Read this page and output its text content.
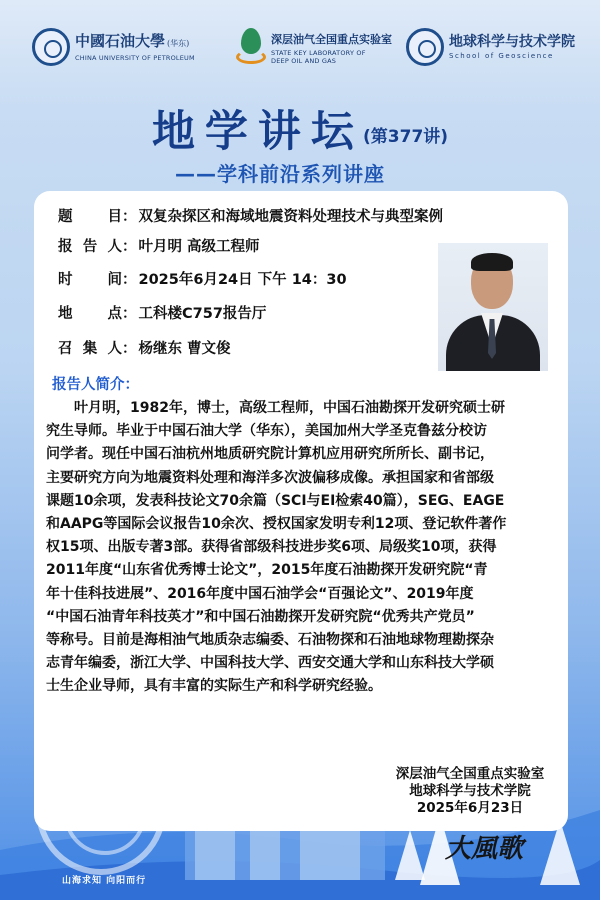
中國石油大學 (华东)
CHINA UNIVERSITY OF PETROLEUM
深层油气全国重点实验室
STATE KEY LABORATORY OF
DEEP OIL AND GAS
地球科学与技术学院
School of Geoscience
地学讲坛 (第377讲)
——学科前沿系列讲座
山海求知 向阳而行
题　　目： 双复杂探区和海域地震资料处理技术与典型案例
报告人： 叶月明 高级工程师
时　　间： 2025年6月24日 下午 14：30
地　　点： 工科楼C757报告厅
召集人： 杨继东 曹文俊
报告人简介：

　　叶月明，1982年，博士，高级工程师，中国石油勘探开发研究硕士研

究生导师。毕业于中国石油大学（华东），美国加州大学圣克鲁兹分校访

问学者。现任中国石油杭州地质研究院计算机应用研究所所长、副书记，

主要研究方向为地震资料处理和海洋多次波偏移成像。承担国家和省部级

课题10余项，发表科技论文70余篇（SCI与EI检索40篇），SEG、EAGE

和AAPG等国际会议报告10余次、授权国家发明专利12项、登记软件著作

权15项、出版专著3部。获得省部级科技进步奖6项、局级奖10项，获得

2011年度“山东省优秀博士论文”，2015年度石油勘探开发研究院“青

年十佳科技进展”、2016年度中国石油学会“百强论文”、2019年度

“中国石油青年科技英才”和中国石油勘探开发研究院“优秀共产党员”

等称号。目前是海相油气地质杂志编委、石油物探和石油地球物理勘探杂

志青年编委，浙江大学、中国科技大学、西安交通大学和山东科技大学硕

士生企业导师，具有丰富的实际生产和科学研究经验。

深层油气全国重点实验室
地球科学与技术学院
2025年6月23日
大風歌
